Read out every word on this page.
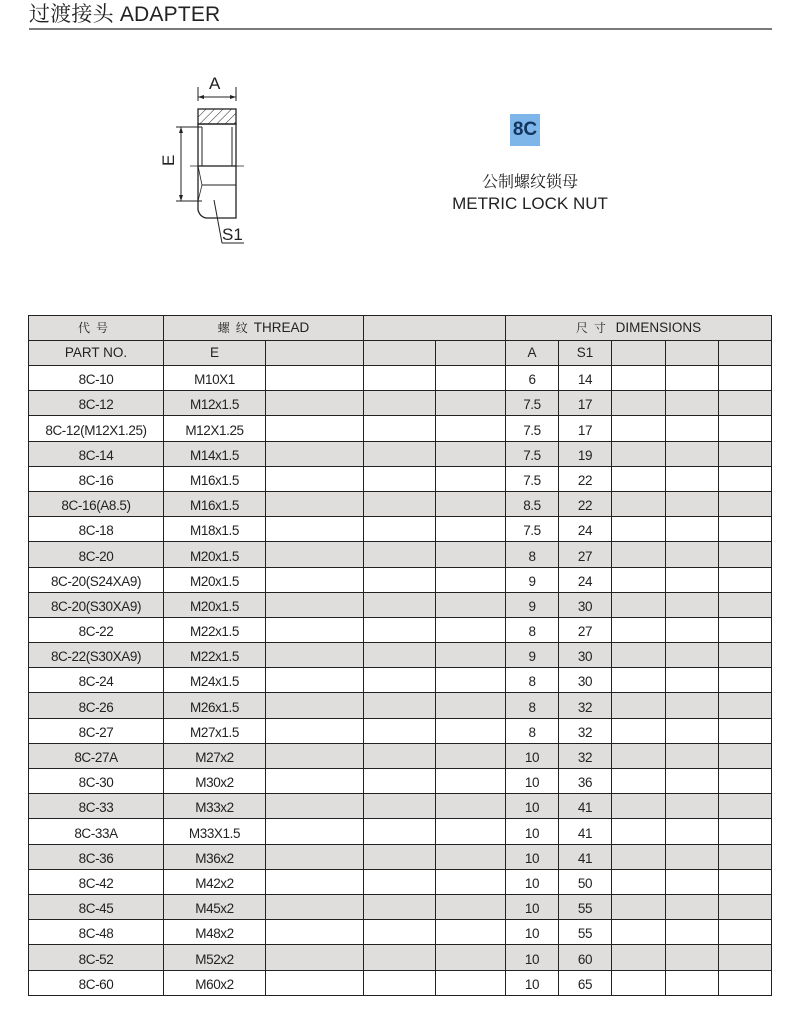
过渡接头 ADAPTER
A
E
S1
8C
公制螺纹锁母
METRIC LOCK NUT
代号	螺纹THREAD				尺寸 DIMENSIONS				
PART NO.	E				A	S1			
8C-10	M10X1				6	14			
8C-12	M12x1.5				7.5	17			
8C-12(M12X1.25)	M12X1.25				7.5	17			
8C-14	M14x1.5				7.5	19			
8C-16	M16x1.5				7.5	22			
8C-16(A8.5)	M16x1.5				8.5	22			
8C-18	M18x1.5				7.5	24			
8C-20	M20x1.5				8	27			
8C-20(S24XA9)	M20x1.5				9	24			
8C-20(S30XA9)	M20x1.5				9	30			
8C-22	M22x1.5				8	27			
8C-22(S30XA9)	M22x1.5				9	30			
8C-24	M24x1.5				8	30			
8C-26	M26x1.5				8	32			
8C-27	M27x1.5				8	32			
8C-27A	M27x2				10	32			
8C-30	M30x2				10	36			
8C-33	M33x2				10	41			
8C-33A	M33X1.5				10	41			
8C-36	M36x2				10	41			
8C-42	M42x2				10	50			
8C-45	M45x2				10	55			
8C-48	M48x2				10	55			
8C-52	M52x2				10	60			
8C-60	M60x2				10	65			
